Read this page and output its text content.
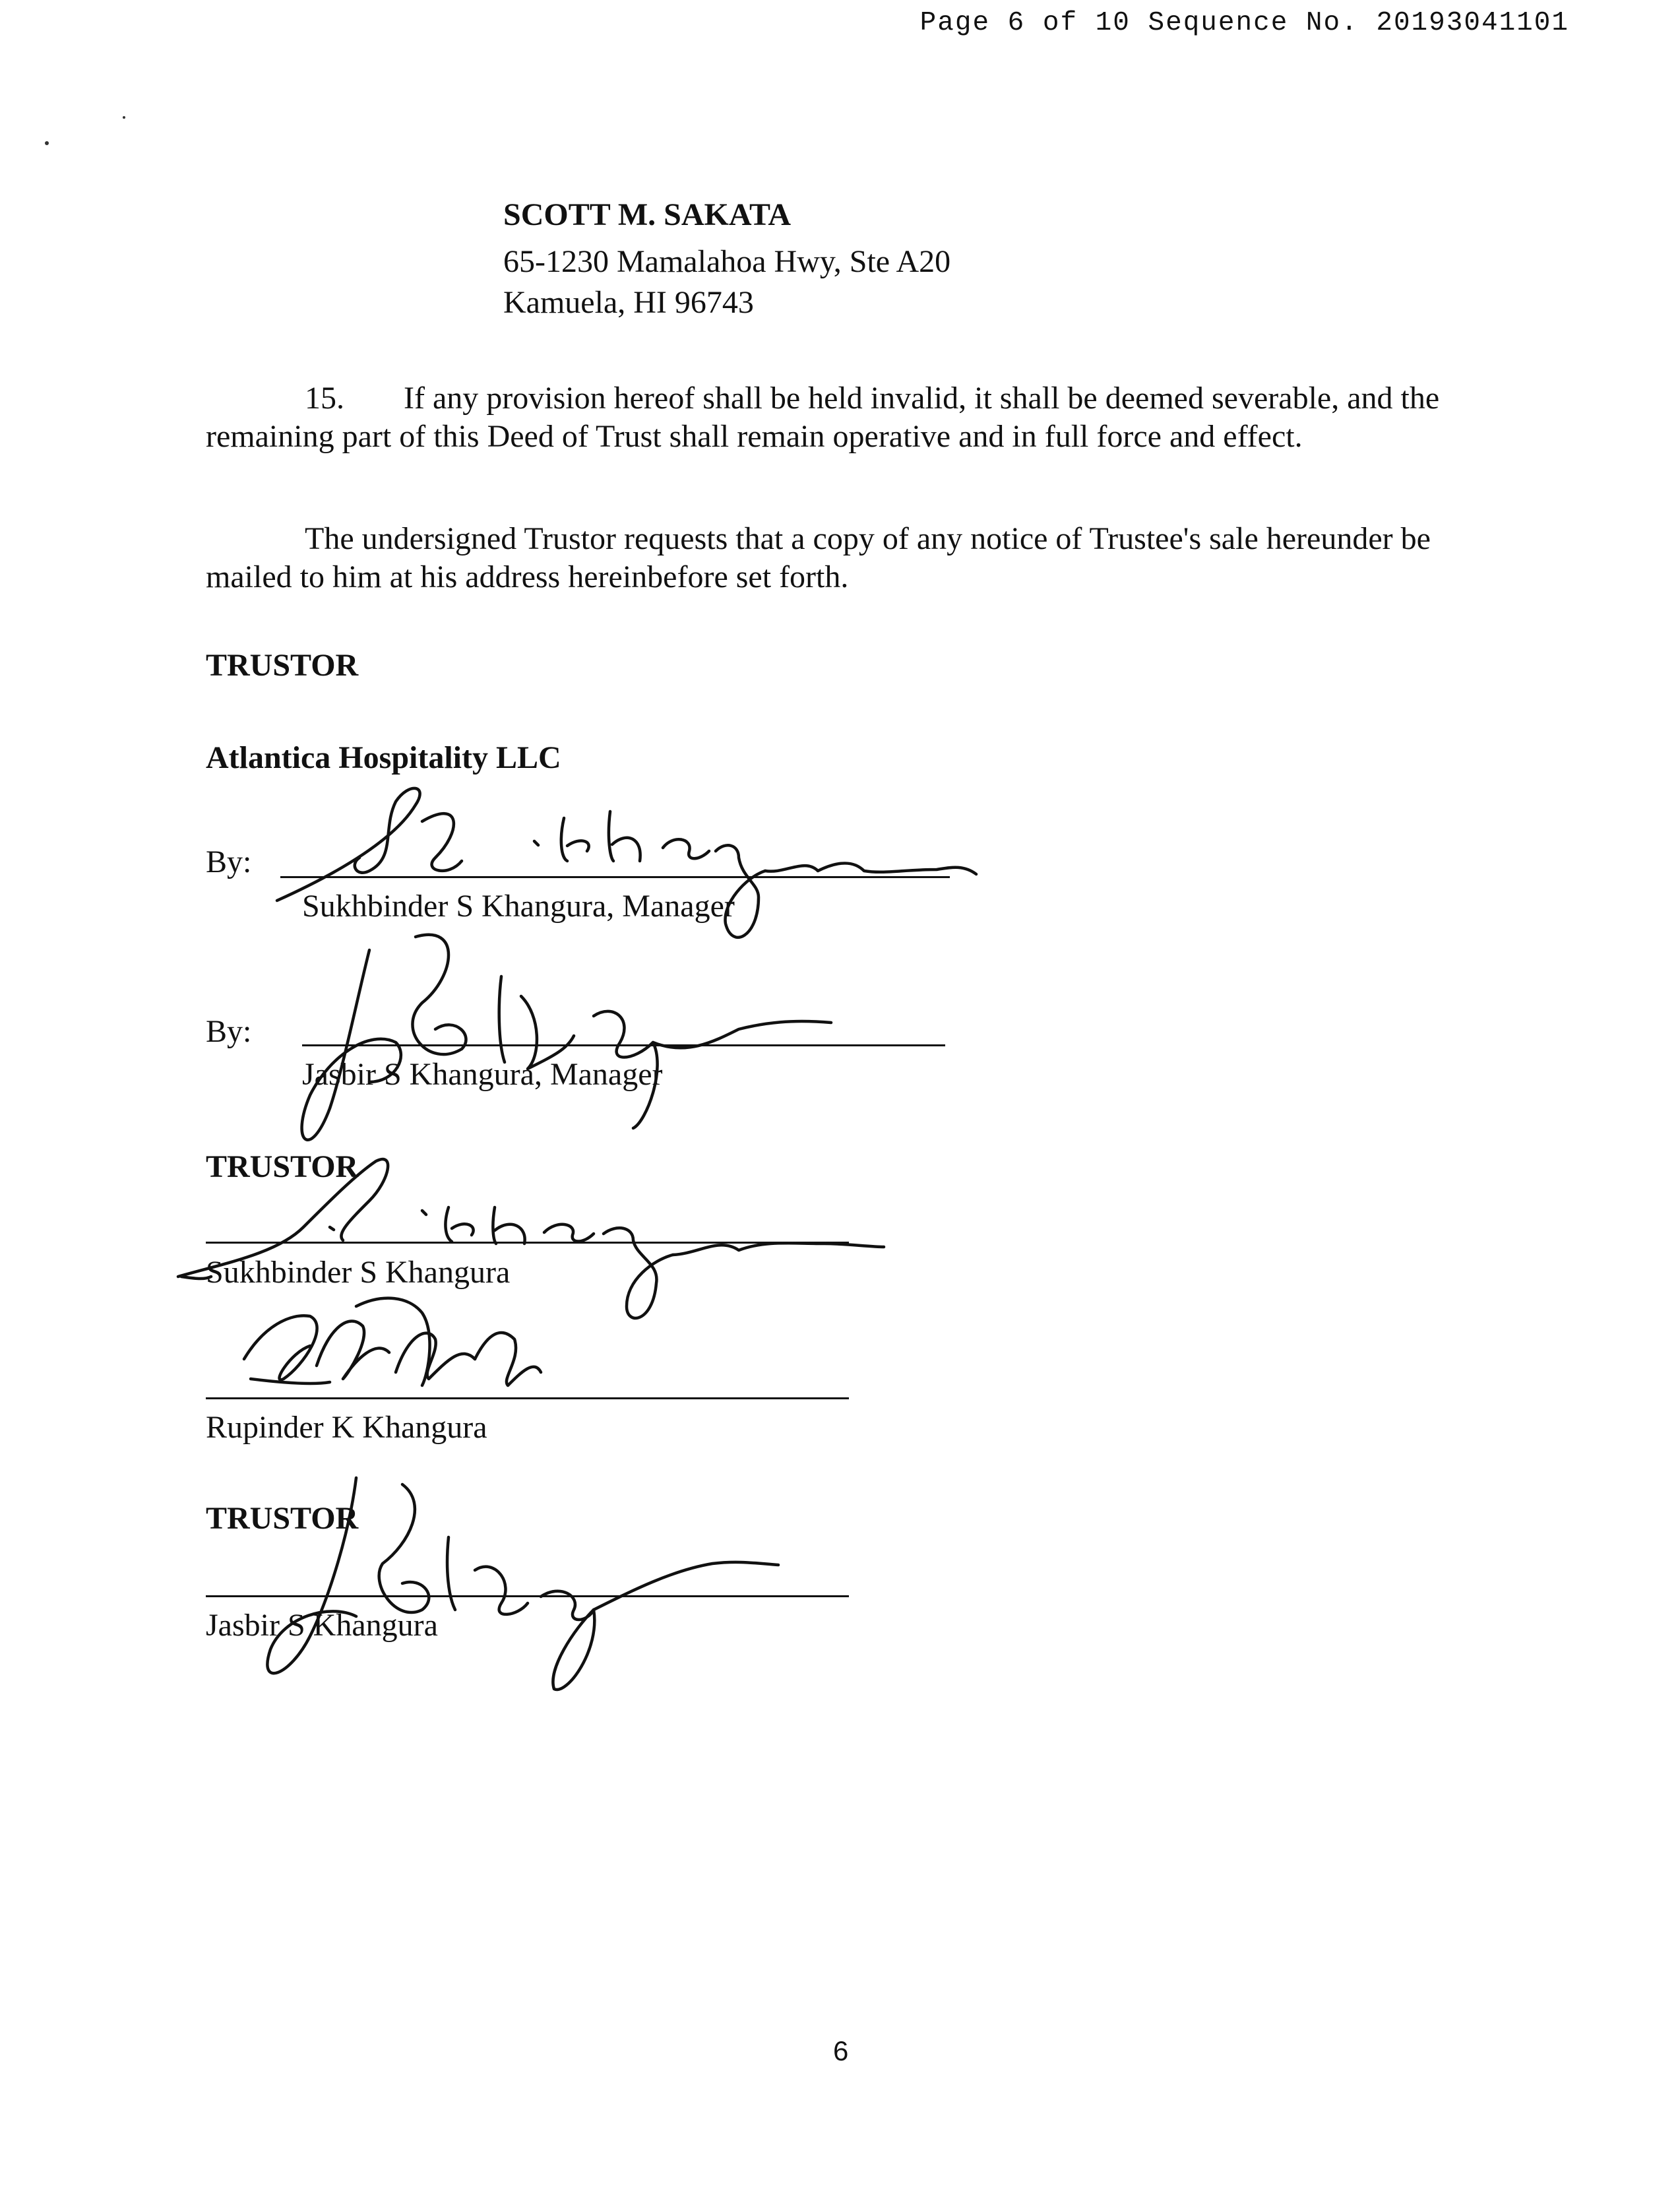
Page 6 of 10 Sequence No. 20193041101
SCOTT M. SAKATA
65-1230 Mamalahoa Hwy, Ste A20
Kamuela, HI 96743
15. If any provision hereof shall be held invalid, it shall be deemed severable, and the remaining part of this Deed of Trust shall remain operative and in full force and effect.
The undersigned Trustor requests that a copy of any notice of Trustee's sale hereunder be mailed to him at his address hereinbefore set forth.
TRUSTOR
Atlantica Hospitality LLC
By:
Sukhbinder S Khangura, Manager
By:
Jasbir S Khangura, Manager
TRUSTOR
Sukhbinder S Khangura
Rupinder K Khangura
TRUSTOR
Jasbir S Khangura
6
